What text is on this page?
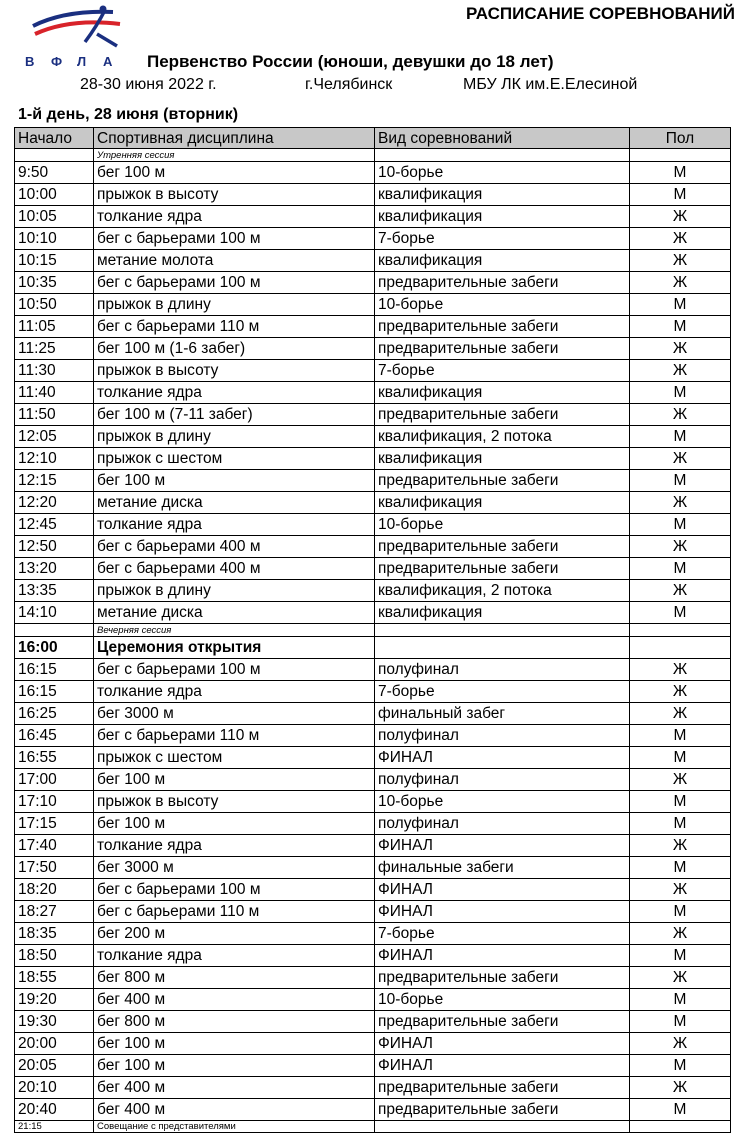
В Ф Л А
РАСПИСАНИЕ СОРЕВНОВАНИЙ
Первенство России (юноши, девушки до 18 лет)
28-30 июня 2022 г.	г.Челябинск	МБУ ЛК им.Е.Елесиной
1-й день, 28 июня (вторник)
Начало	Спортивная дисциплина	Вид соревнований	Пол
	Утренняя сессия		
9:50	бег 100 м	10-борье	М
10:00	прыжок в высоту	квалификация	М
10:05	толкание ядра	квалификация	Ж
10:10	бег с барьерами 100 м	7-борье	Ж
10:15	метание молота	квалификация	Ж
10:35	бег с барьерами 100 м	предварительные забеги	Ж
10:50	прыжок в длину	10-борье	М
11:05	бег с барьерами 110 м	предварительные забеги	М
11:25	бег 100 м (1-6 забег)	предварительные забеги	Ж
11:30	прыжок в высоту	7-борье	Ж
11:40	толкание ядра	квалификация	М
11:50	бег 100 м (7-11 забег)	предварительные забеги	Ж
12:05	прыжок в длину	квалификация, 2 потока	М
12:10	прыжок с шестом	квалификация	Ж
12:15	бег 100 м	предварительные забеги	М
12:20	метание диска	квалификация	Ж
12:45	толкание ядра	10-борье	М
12:50	бег с барьерами 400 м	предварительные забеги	Ж
13:20	бег с барьерами 400 м	предварительные забеги	М
13:35	прыжок в длину	квалификация, 2 потока	Ж
14:10	метание диска	квалификация	М
	Вечерняя сессия		
16:00	Церемония открытия		
16:15	бег с барьерами 100 м	полуфинал	Ж
16:15	толкание ядра	7-борье	Ж
16:25	бег 3000 м	финальный забег	Ж
16:45	бег с барьерами 110 м	полуфинал	М
16:55	прыжок с шестом	ФИНАЛ	М
17:00	бег 100 м	полуфинал	Ж
17:10	прыжок в высоту	10-борье	М
17:15	бег 100 м	полуфинал	М
17:40	толкание ядра	ФИНАЛ	Ж
17:50	бег 3000 м	финальные забеги	М
18:20	бег с барьерами 100 м	ФИНАЛ	Ж
18:27	бег с барьерами 110 м	ФИНАЛ	М
18:35	бег 200 м	7-борье	Ж
18:50	толкание ядра	ФИНАЛ	М
18:55	бег 800 м	предварительные забеги	Ж
19:20	бег 400 м	10-борье	М
19:30	бег 800 м	предварительные забеги	М
20:00	бег 100 м	ФИНАЛ	Ж
20:05	бег 100 м	ФИНАЛ	М
20:10	бег 400 м	предварительные забеги	Ж
20:40	бег 400 м	предварительные забеги	М
21:15	Совещание с представителями		
